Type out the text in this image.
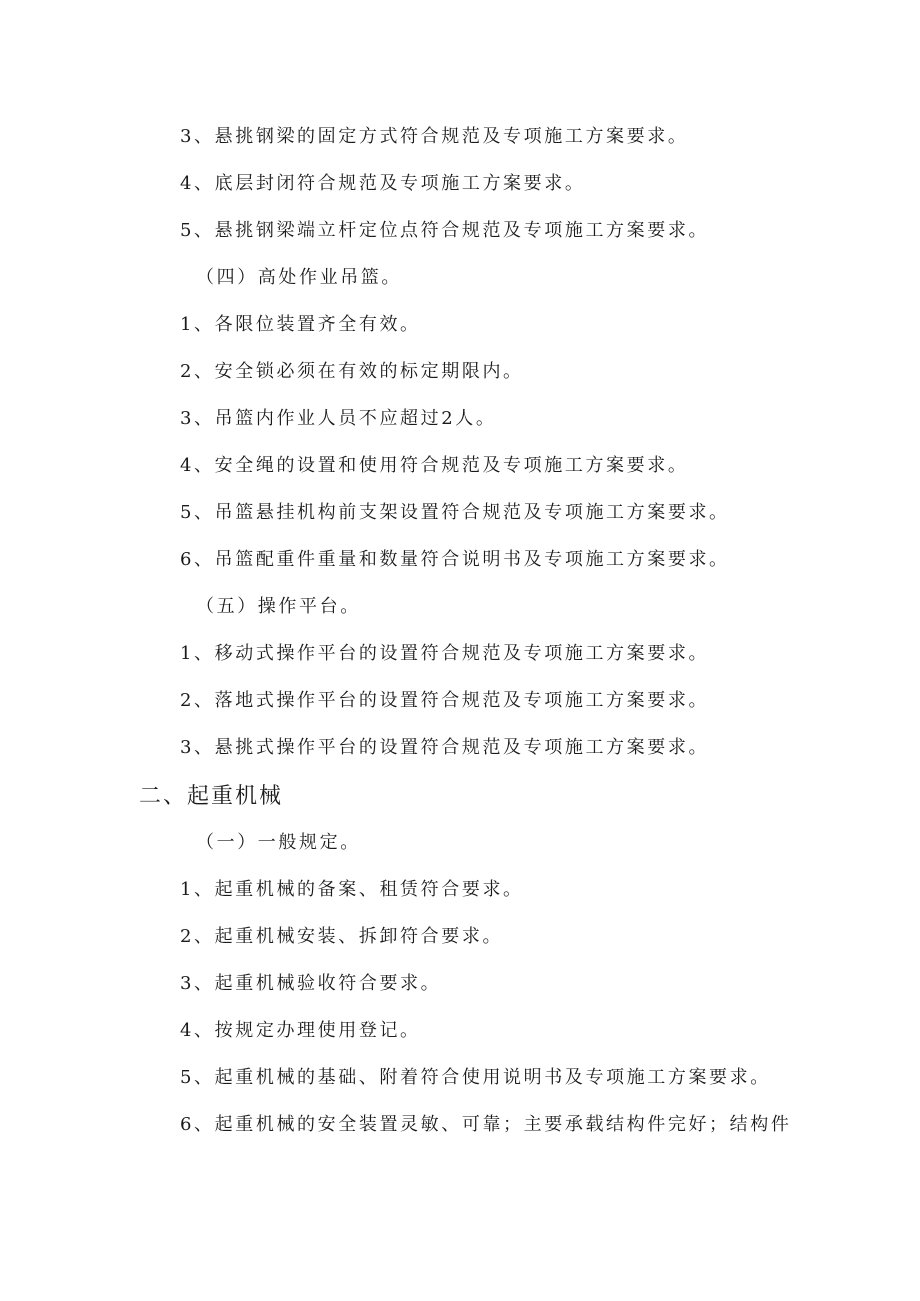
3、悬挑钢梁的固定方式符合规范及专项施工方案要求。
4、底层封闭符合规范及专项施工方案要求。
5、悬挑钢梁端立杆定位点符合规范及专项施工方案要求。
（四）高处作业吊篮。
1、各限位装置齐全有效。
2、安全锁必须在有效的标定期限内。
3、吊篮内作业人员不应超过2人。
4、安全绳的设置和使用符合规范及专项施工方案要求。
5、吊篮悬挂机构前支架设置符合规范及专项施工方案要求。
6、吊篮配重件重量和数量符合说明书及专项施工方案要求。
（五）操作平台。
1、移动式操作平台的设置符合规范及专项施工方案要求。
2、落地式操作平台的设置符合规范及专项施工方案要求。
3、悬挑式操作平台的设置符合规范及专项施工方案要求。
二、起重机械
（一）一般规定。
1、起重机械的备案、租赁符合要求。
2、起重机械安装、拆卸符合要求。
3、起重机械验收符合要求。
4、按规定办理使用登记。
5、起重机械的基础、附着符合使用说明书及专项施工方案要求。
6、起重机械的安全装置灵敏、可靠；主要承载结构件完好；结构件
